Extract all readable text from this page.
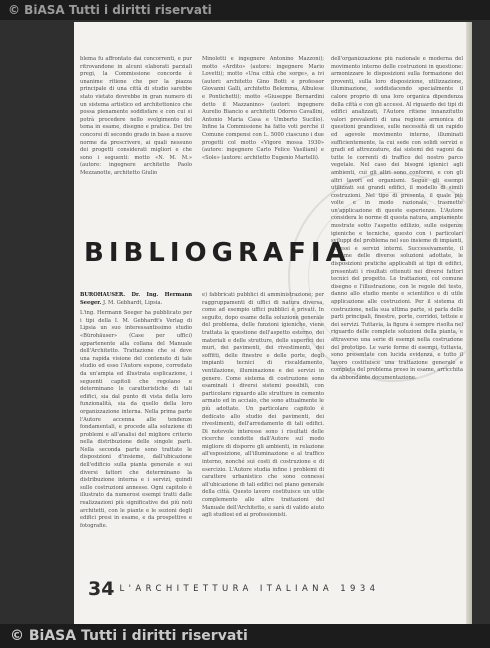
© BiASA Tutti i diritti riservati

blema fu affrontato dai concorrenti, e pur ritrovandone in alcuni elaborati parziali pregi, la Commissione concorde è unanime ritiene che per la piazza principale di una città di studio sarebbe stato vietato dovrebbe in gran numero di un sistema artistico ed architettonico che possa pienamente soddisfare e con cui si potrà procedere nello svolgimento del tema in esame, disegno e pratica. Dei tre concorsi di secondo grado in base a nuove norme da prescrivere, ai quali nessuno dei progetti considerati migliori e che sono i seguenti: motto «N. M. M.» (autore: ingegnere architetto Paolo Mezzanotte, architetto Giulio

Minoletti e ingegnere Antonino Mazzoni); motto «Ardito» (autore: ingegnere Mario Lovetti); motto «Una città che sorge», a ivi (autori: architetto Gino Botti e professor Giovanni Galli, architetto Belemma, Albulese e Pontichetti); motto «Giuseppe Bernardini detto il Mazzanino» (autori: ingegnere Aurelio Biancio e architetti Odoreo Cavallini, Antonio Maria Casa e Umberto Sucilio). Infine la Commissione ha fatto voti perché il Comune compensi con L. 5000 ciascuno i due progetti col motto «Vigore mossa 1930» (autore: ingegnere Carlo Felice Vasiliani) e «Sole» (autore: architetto Eugenio Martelli).

dell'organizzazione più razionale e moderna del movimento interno delle costruzioni in questione: armonizzare le disposizioni sulla formazione dei proventi, sulla loro disposizione, utilizzazione, illuminazione, soddisfacendo specialmente il calore proprio di una loro organica dipendenza della città e con gli accessi. Al riguardo dei tipi di edifici analizzati, l'Autore ritiene innanzitutto valori prevalenti di una regione armonica di questioni grandiose, sulle necessità di un rapido ed agevole movimento interno, illuminati sufficientemente, la cui sede con solidi servizi e gradi ed attrezzature, dai sistemi dei vagoni da tutte le correnti di traffico del nostro parco vegetale. Nel caso dei bisogni igienici agli ambienti, cui gli altri sono conformi, e con gli altri lavori ed organismi. Segue gli esempi utilizzati sui grandi edifici, il modello di simili costruzioni. Nel tipo di presenta, il quale più volte e in modo razionale, trasmette un'applicazione di queste esperienze. L'Autore considera le norme di questa natura, ampiamente mostrate sotto l'aspetto edilizio, sulle esigenze igieniche e tecniche, questo con i particolari sviluppi del problema nel suo insieme di impianti, accessi e servizi interni. Successivamente, il riesame delle diverse soluzioni adottate, le disposizioni pratiche applicabili ai tipi di edifici, presentati i risultati ottenuti nei diversi fattori tecnici del progetto. Le trattazioni, col comune disegno e l'illustrazione, con le regole del testo, danno allo studio mente e scientifico e di utile applicazione alle costruzioni. Per il sistema di costruzione, nella sua ultima parte, si parla delle parti principali, finestre, porte, corridoi, tettoie e dei servizi. Tuttavia, la figura è sempre risolta nel riguardo delle complete soluzioni della pianta, e attraverso una serie di esempi nella costruzione del prototipo. Le varie forme di esempi, tuttavia, sono presentate con lucida evidenza, e tutto il lavoro costituisce una trattazione generale e completa del problema preso in esame, arricchita da abbondante documentazione.

BIBLIOGRAFIA

BÜROHÄUSER. Dr. Ing. Hermann Seeger. J. M. Gebhardt, Lipsia.

L'ing. Hermann Seeger ha pubblicato per i tipi della I. M. Gebhardt's Verlag di Lipsia un suo interessantissimo studio «Bürohäuser» (Case per uffici) appartenente alla collana del Manuale dell'Architetto. Trattazione che si deve una rapida visione del contenuto di tale studio ed esso l'Autore espone, corredato da un'ampia ed illustrata esplicazione, i seguenti capitoli che regolano e determinano le caratteristiche di tali edifici, sia dal punto di vista della loro funzionalità, sia da quello della loro organizzazione interna. Nella prima parte l'Autore accenna alle tendenze fondamentali, e procede alla soluzione di problemi e all'analisi del migliore criterio nella distribuzione delle singole parti. Nella seconda parte sono trattate le disposizioni d'insieme, dall'ubicazione dell'edificio sulla pianta generale e sui diversi fattori che determinano la distribuzione interna e i servizi, quindi sulle costruzioni annesse. Ogni capitolo è illustrato da numerosi esempi tratti dalle realizzazioni più significative dei più noti architetti, con le piante e le sezioni degli edifici presi in esame, e da prospettive e fotografie.

e) fabbricati pubblici di amministrazione; per raggruppamenti di uffici di natura diversa, come ad esempio uffici pubblici e privati. In seguito, dopo esame della soluzione generale del problema, delle funzioni igieniche, viene trattata la questione dell'aspetto esterno, dei materiali e delle strutture, delle superfici dei muri, dei pavimenti, dei rivestimenti, dei soffitti, delle finestre e delle porte, degli impianti tecnici di riscaldamento, ventilazione, illuminazione e dei servizi in genere. Come sistema di costruzione sono esaminati i diversi sistemi possibili, con particolare riguardo alle strutture in cemento armato ed in acciaio, che sono attualmente le più adottate. Un particolare capitolo è dedicato allo studio dei pavimenti, dei rivestimenti, dell'arredamento di tali edifici. Di notevole interesse sono i risultati delle ricerche condotte dall'Autore sul modo migliore di disporre gli ambienti, in relazione all'esposizione, all'illuminazione e al traffico interno, nonché sui costi di costruzione e di esercizio. L'Autore studia infine i problemi di carattere urbanistico che sono connessi all'ubicazione di tali edifici nel piano generale della città. Questo lavoro costituisce un utile complemento alle altre trattazioni del Manuale dell'Architetto, e sarà di valido aiuto agli studiosi ed ai professionisti.

34 L'ARCHITETTURA ITALIANA 1934
© BiASA Tutti i diritti riservati
